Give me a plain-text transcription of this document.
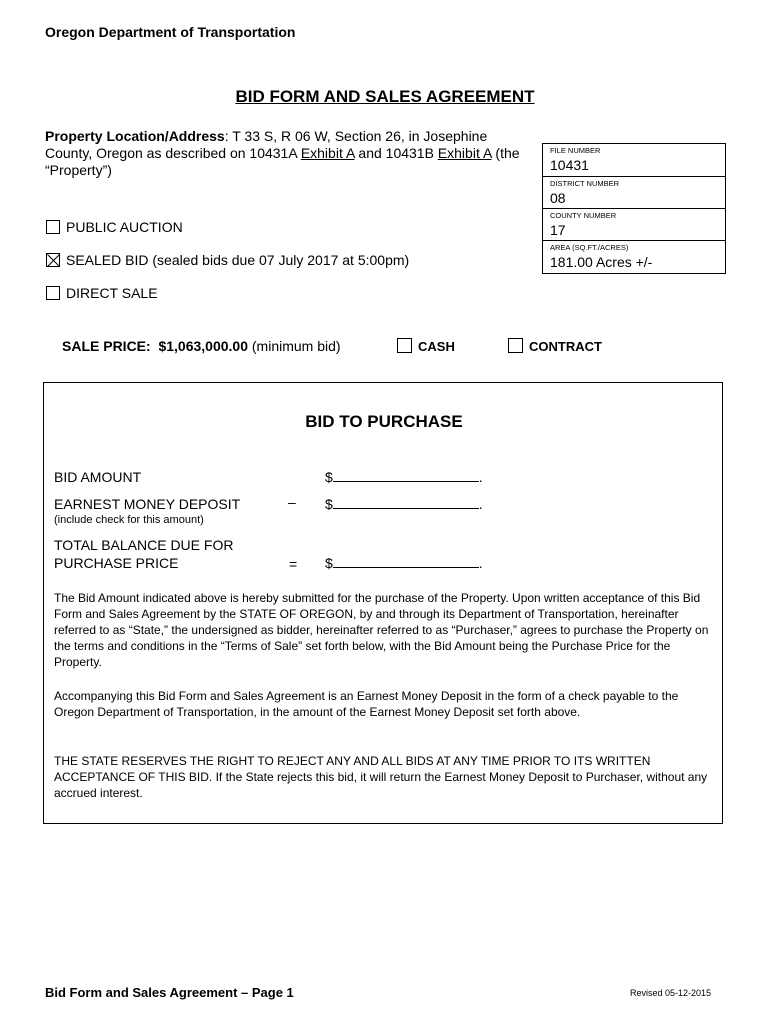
Oregon Department of Transportation
BID FORM AND SALES AGREEMENT
Property Location/Address: T 33 S, R 06 W, Section 26, in Josephine County, Oregon as described on 10431A Exhibit A and 10431B Exhibit A (the “Property”)
FILE NUMBER
10431
DISTRICT NUMBER
08
COUNTY NUMBER
17
AREA (SQ.FT./ACRES)
181.00 Acres +/-
PUBLIC AUCTION
SEALED BID (sealed bids due 07 July 2017 at 5:00pm)
DIRECT SALE
SALE PRICE: $1,063,000.00 (minimum bid)	CASH	CONTRACT
BID TO PURCHASE
BID AMOUNT	$	.
EARNEST MONEY DEPOSIT
(include check for this amount)
– $	.
TOTAL BALANCE DUE FOR
PURCHASE PRICE	= $	.
The Bid Amount indicated above is hereby submitted for the purchase of the Property. Upon written acceptance of this Bid Form and Sales Agreement by the STATE OF OREGON, by and through its Department of Transportation, hereinafter referred to as “State,” the undersigned as bidder, hereinafter referred to as “Purchaser,” agrees to purchase the Property on the terms and conditions in the “Terms of Sale” set forth below, with the Bid Amount being the Purchase Price for the Property.
Accompanying this Bid Form and Sales Agreement is an Earnest Money Deposit in the form of a check payable to the Oregon Department of Transportation, in the amount of the Earnest Money Deposit set forth above.
THE STATE RESERVES THE RIGHT TO REJECT ANY AND ALL BIDS AT ANY TIME PRIOR TO ITS WRITTEN ACCEPTANCE OF THIS BID. If the State rejects this bid, it will return the Earnest Money Deposit to Purchaser, without any accrued interest.
Bid Form and Sales Agreement – Page 1	Revised 05-12-2015
